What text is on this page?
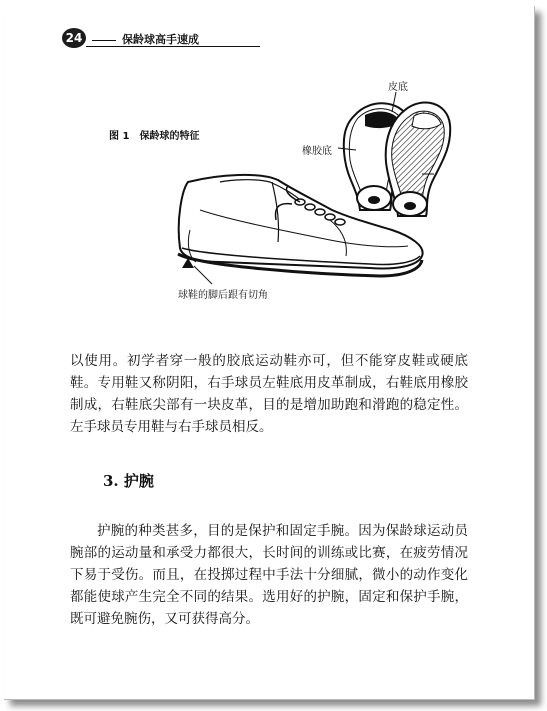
24	保龄球高手速成
图 1 保龄球的特征
皮底
橡胶底
球鞋的脚后跟有切角
以使用。初学者穿一般的胶底运动鞋亦可，但不能穿皮鞋或硬底鞋。专用鞋又称阴阳，右手球员左鞋底用皮革制成，右鞋底用橡胶制成，右鞋底尖部有一块皮革，目的是增加助跑和滑跑的稳定性。左手球员专用鞋与右手球员相反。
3. 护腕
护腕的种类甚多，目的是保护和固定手腕。因为保龄球运动员腕部的运动量和承受力都很大，长时间的训练或比赛，在疲劳情况下易于受伤。而且，在投掷过程中手法十分细腻，微小的动作变化都能使球产生完全不同的结果。选用好的护腕，固定和保护手腕，既可避免腕伤，又可获得高分。
